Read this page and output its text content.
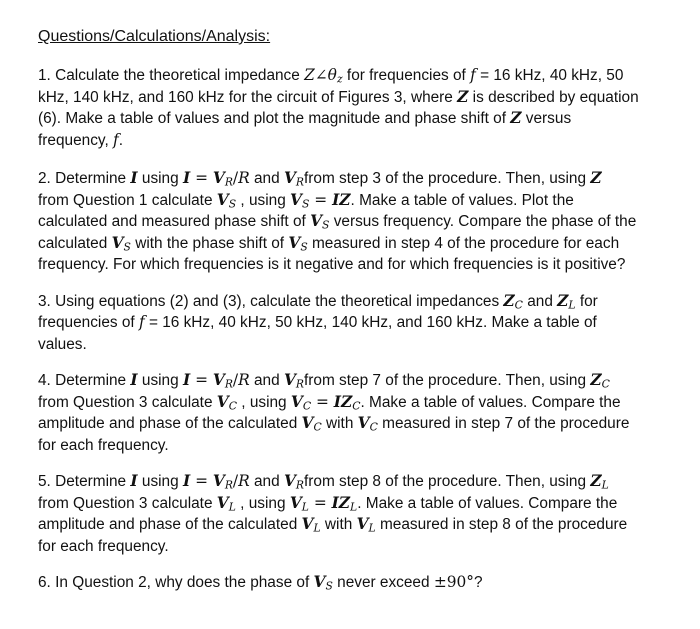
Questions/Calculations/Analysis:
1. Calculate the theoretical impedance $Z\angle\theta_z$ for frequencies of f = 16 kHz, 40 kHz, 50
kHz, 140 kHz, and 160 kHz for the circuit of Figures 3, where Z is described by equation
(6). Make a table of values and plot the magnitude and phase shift of Z versus
frequency, f.
2. Determine I using $I = V_R/R$ and $V_Rfrom$ step 3 of the procedure. Then, using Z
from Question 1 calculate $V_S$ , using $V_S$ = IZ. Make a table of values. Plot the
calculated and measured phase shift of $V_S$ versus frequency. Compare the phase of the
calculated $V_S$ with the phase shift of $V_S$ measured in step 4 of the procedure for each
frequency. For which frequencies is it negative and for which frequencies is it positive?
3. Using equations (2) and (3), calculate the theoretical impedances $Z_C$ and $Z_L$ for
frequencies of f = 16 kHz, 40 kHz, 50 kHz, 140 kHz, and 160 kHz. Make a table of
values.
4. Determine I using $I = V_R/R$ and $V_Rfrom$ step 7 of the procedure. Then, using $Z_C$
from Question 3 calculate $V_C$ , using $V_C = IZ_C$. Make a table of values. Compare the
amplitude and phase of the calculated $V_C$ with $V_C$ measured in step 7 of the procedure
for each frequency.
5. Determine I using $I = V_R/R$ and $V_Rfrom$ step 8 of the procedure. Then, using $Z_L$
from Question 3 calculate $V_L$ , using $V_L = IZ_L$. Make a table of values. Compare the
amplitude and phase of the calculated $V_L$ with $V_L$ measured in step 8 of the procedure
for each frequency.
6. In Question 2, why does the phase of $V_S$ never exceed ±90°?
